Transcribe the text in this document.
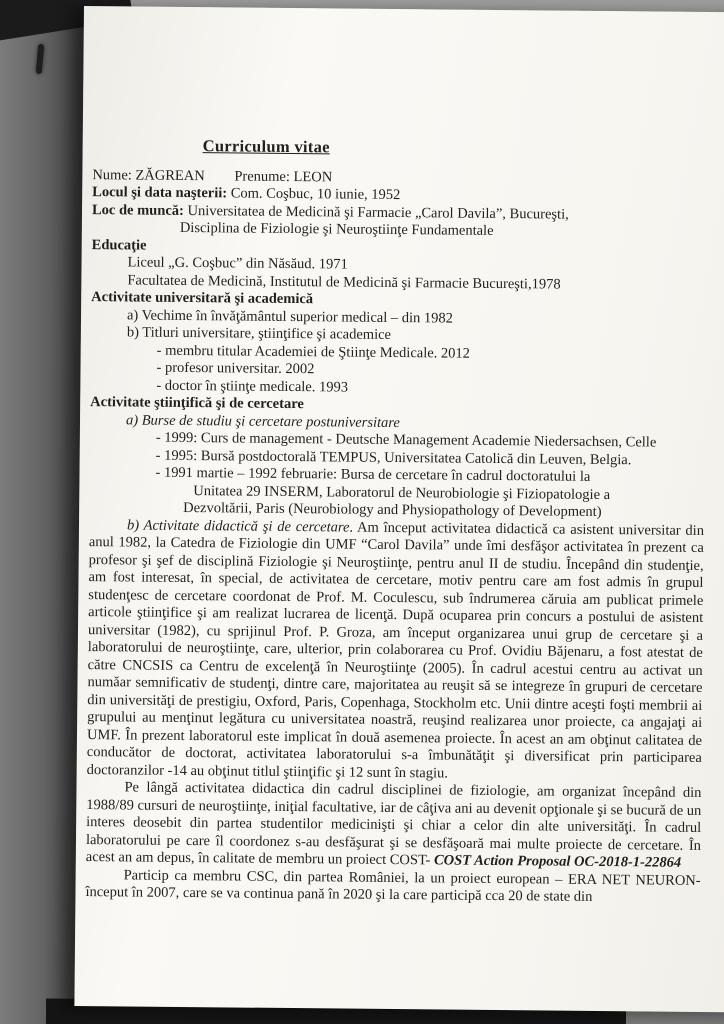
Curriculum vitae
Nume: ZĂGREAN Prenume: LEON
Locul şi data naşterii: Com. Coşbuc, 10 iunie, 1952
Loc de muncă: Universitatea de Medicină şi Farmacie „Carol Davila”, Bucureşti,
Disciplina de Fiziologie şi Neuroştiinţe Fundamentale
Educaţie
Liceul „G. Coşbuc” din Năsăud. 1971
Facultatea de Medicină, Institutul de Medicină şi Farmacie Bucureşti,1978
Activitate universitară şi academică
a) Vechime în învăţământul superior medical – din 1982
b) Titluri universitare, ştiinţifice şi academice
- membru titular Academiei de Ştiinţe Medicale. 2012
- profesor universitar. 2002
- doctor în ştiinţe medicale. 1993
Activitate ştiinţifică şi de cercetare
a) Burse de studiu şi cercetare postuniversitare
- 1999: Curs de management - Deutsche Management Academie Niedersachsen, Celle
- 1995: Bursă postdoctorală TEMPUS, Universitatea Catolică din Leuven, Belgia.
- 1991 martie – 1992 februarie: Bursa de cercetare în cadrul doctoratului la
Unitatea 29 INSERM, Laboratorul de Neurobiologie şi Fiziopatologie a
Dezvoltării, Paris (Neurobiology and Physiopathology of Development)
b) Activitate didactică şi de cercetare. Am început activitatea didactică ca asistent universitar din anul 1982, la Catedra de Fiziologie din UMF “Carol Davila” unde îmi desfăşor activitatea în prezent ca profesor şi şef de disciplină Fiziologie şi Neuroştiinţe, pentru anul II de studiu. Începând din studenţie, am fost interesat, în special, de activitatea de cercetare, motiv pentru care am fost admis în grupul studenţesc de cercetare coordonat de Prof. M. Coculescu, sub îndrumerea căruia am publicat primele articole ştiinţifice şi am realizat lucrarea de licenţă. După ocuparea prin concurs a postului de asistent universitar (1982), cu sprijinul Prof. P. Groza, am început organizarea unui grup de cercetare şi a laboratorului de neuroştiinţe, care, ulterior, prin colaborarea cu Prof. Ovidiu Băjenaru, a fost atestat de către CNCSIS ca Centru de excelenţă în Neuroştiinţe (2005). În cadrul acestui centru au activat un număar semnificativ de studenţi, dintre care, majoritatea au reuşit să se integreze în grupuri de cercetare din universităţi de prestigiu, Oxford, Paris, Copenhaga, Stockholm etc. Unii dintre aceşti foşti membrii ai grupului au menţinut legătura cu universitatea noastră, reuşind realizarea unor proiecte, ca angajaţi ai UMF. În prezent laboratorul este implicat în două asemenea proiecte. În acest an am obţinut calitatea de conducător de doctorat, activitatea laboratorului s-a îmbunătăţit şi diversificat prin participarea doctoranzilor -14 au obţinut titlul ştiinţific şi 12 sunt în stagiu.
Pe lângă activitatea didactica din cadrul disciplinei de fiziologie, am organizat începând din 1988/89 cursuri de neuroştiinţe, iniţial facultative, iar de câţiva ani au devenit opţionale şi se bucură de un interes deosebit din partea studentilor medicinişti şi chiar a celor din alte universităţi. În cadrul laboratorului pe care îl coordonez s-au desfăşurat şi se desfăşoară mai multe proiecte de cercetare. În acest an am depus, în calitate de membru un proiect COST- COST Action Proposal OC-2018-1-22864
Particip ca membru CSC, din partea României, la un proiect european – ERA NET NEURON- început în 2007, care se va continua pană în 2020 şi la care participă cca 20 de state din
